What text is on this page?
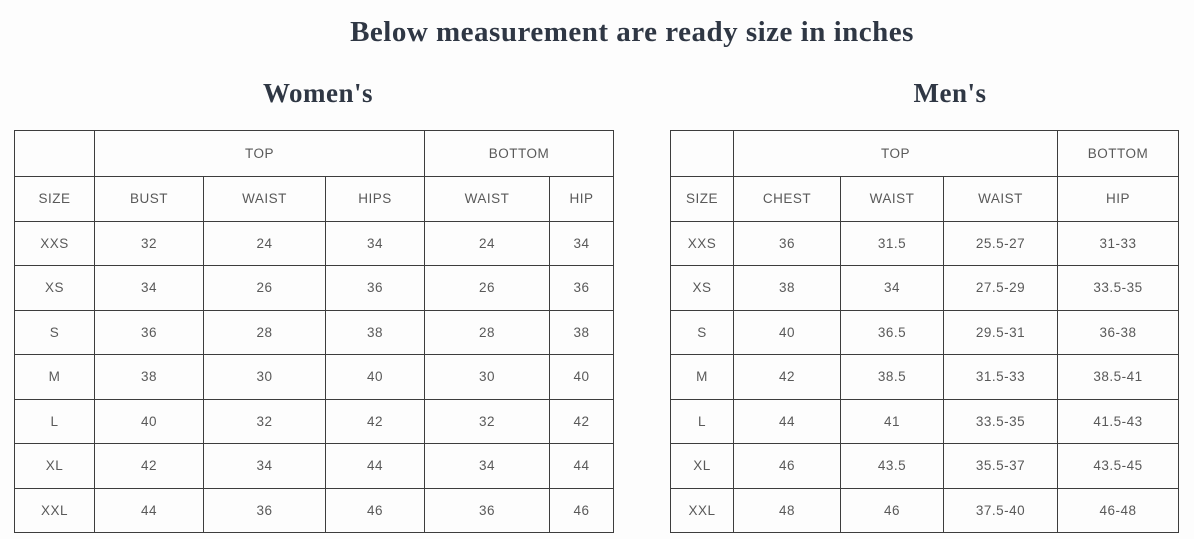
Below measurement are ready size in inches
Women's	Men's
	TOP			BOTTOM	
SIZE	BUST	WAIST	HIPS	WAIST	HIP
XXS	32	24	34	24	34
XS	34	26	36	26	36
S	36	28	38	28	38
M	38	30	40	30	40
L	40	32	42	32	42
XL	42	34	44	34	44
XXL	44	36	46	36	46
	TOP			BOTTOM
SIZE	CHEST	WAIST	WAIST	HIP
XXS	36	31.5	25.5-27	31-33
XS	38	34	27.5-29	33.5-35
S	40	36.5	29.5-31	36-38
M	42	38.5	31.5-33	38.5-41
L	44	41	33.5-35	41.5-43
XL	46	43.5	35.5-37	43.5-45
XXL	48	46	37.5-40	46-48
